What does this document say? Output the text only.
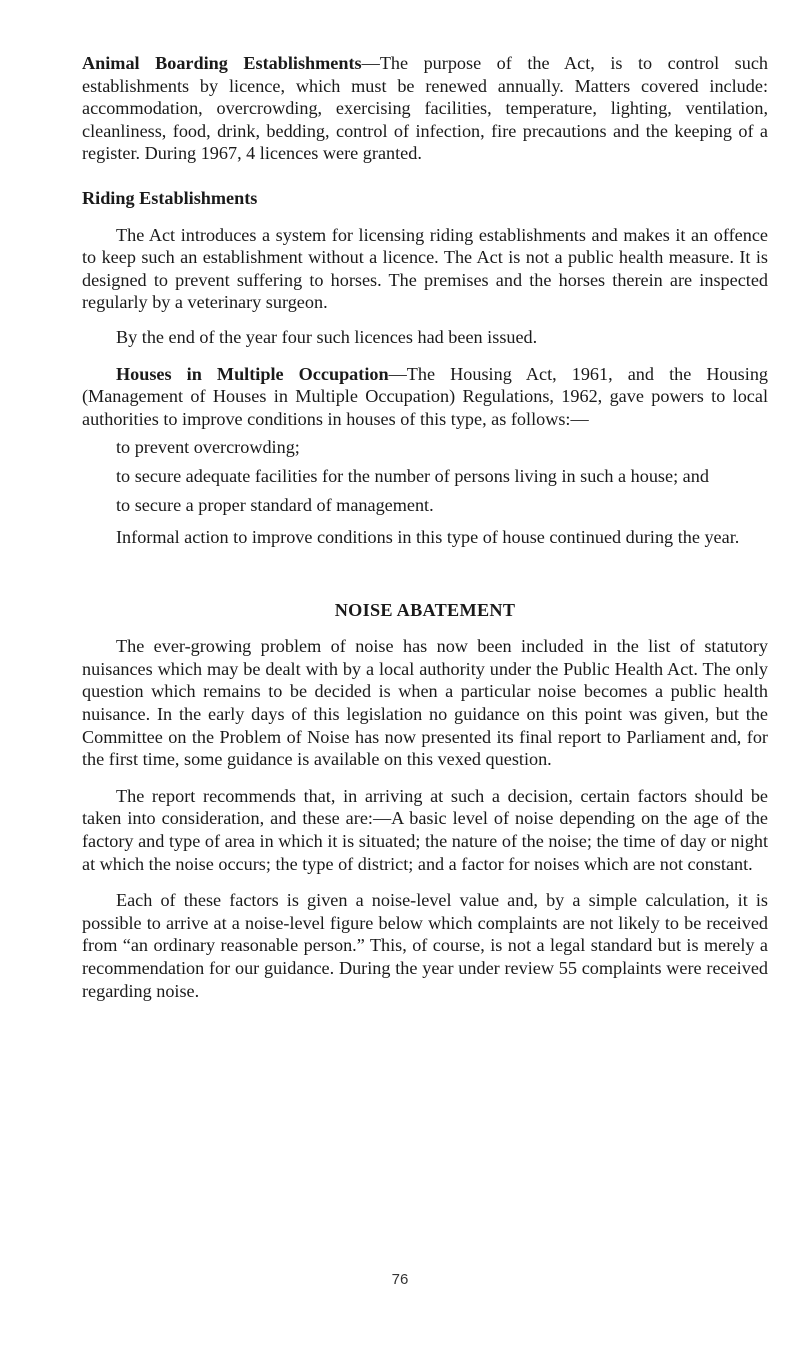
Animal Boarding Establishments—The purpose of the Act, is to control such establishments by licence, which must be renewed annually. Matters covered include: accommodation, overcrowding, exercising facilities, temperature, lighting, ventilation, cleanliness, food, drink, bedding, control of infection, fire precautions and the keeping of a register. During 1967, 4 licences were granted.

Riding Establishments

The Act introduces a system for licensing riding establishments and makes it an offence to keep such an establishment without a licence. The Act is not a public health measure. It is designed to prevent suffering to horses. The premises and the horses therein are inspected regularly by a veterinary surgeon.

By the end of the year four such licences had been issued.

Houses in Multiple Occupation—The Housing Act, 1961, and the Housing (Management of Houses in Multiple Occupation) Regulations, 1962, gave powers to local authorities to improve conditions in houses of this type, as follows:—

to prevent overcrowding;

to secure adequate facilities for the number of persons living in such a house; and

to secure a proper standard of management.

Informal action to improve conditions in this type of house continued during the year.

NOISE ABATEMENT

The ever-growing problem of noise has now been included in the list of statutory nuisances which may be dealt with by a local authority under the Public Health Act. The only question which remains to be decided is when a particular noise becomes a public health nuisance. In the early days of this legislation no guidance on this point was given, but the Committee on the Problem of Noise has now presented its final report to Parliament and, for the first time, some guidance is available on this vexed question.

The report recommends that, in arriving at such a decision, certain factors should be taken into consideration, and these are:—A basic level of noise depending on the age of the factory and type of area in which it is situated; the nature of the noise; the time of day or night at which the noise occurs; the type of district; and a factor for noises which are not constant.

Each of these factors is given a noise-level value and, by a simple calculation, it is possible to arrive at a noise-level figure below which complaints are not likely to be received from “an ordinary reasonable person.” This, of course, is not a legal standard but is merely a recommendation for our guidance. During the year under review 55 complaints were received regarding noise.

76
